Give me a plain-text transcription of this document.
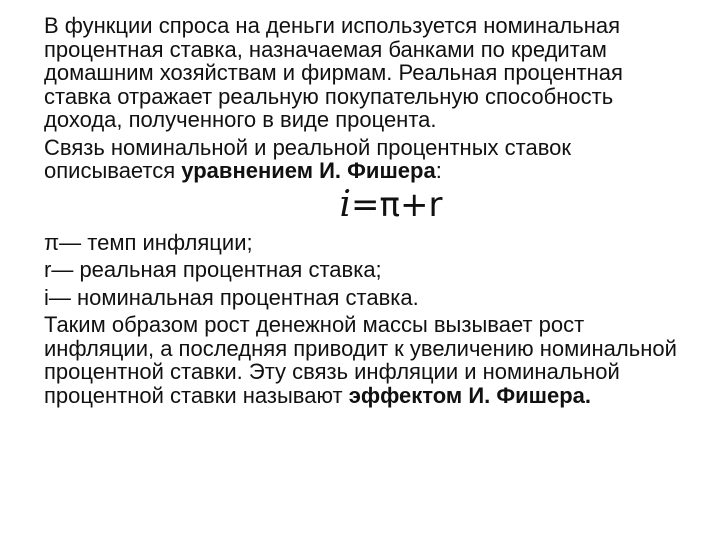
В функции спроса на деньги используется номинальная процентная ставка, назначаемая банками по кредитам домашним хозяйствам и фирмам. Реальная процентная ставка отражает реальную покупательную способность дохода, полученного в виде процента.

Связь номинальной и реальной процентных ставок описывается уравнением И. Фишера:

i=π+r

π— темп инфляции;

r— реальная процентная ставка;

i— номинальная процентная ставка.

Таким образом рост денежной массы вызывает рост инфляции, а последняя приводит к увеличению номинальной процентной ставки. Эту связь инфляции и номинальной процентной ставки называют эффектом И. Фишера.
